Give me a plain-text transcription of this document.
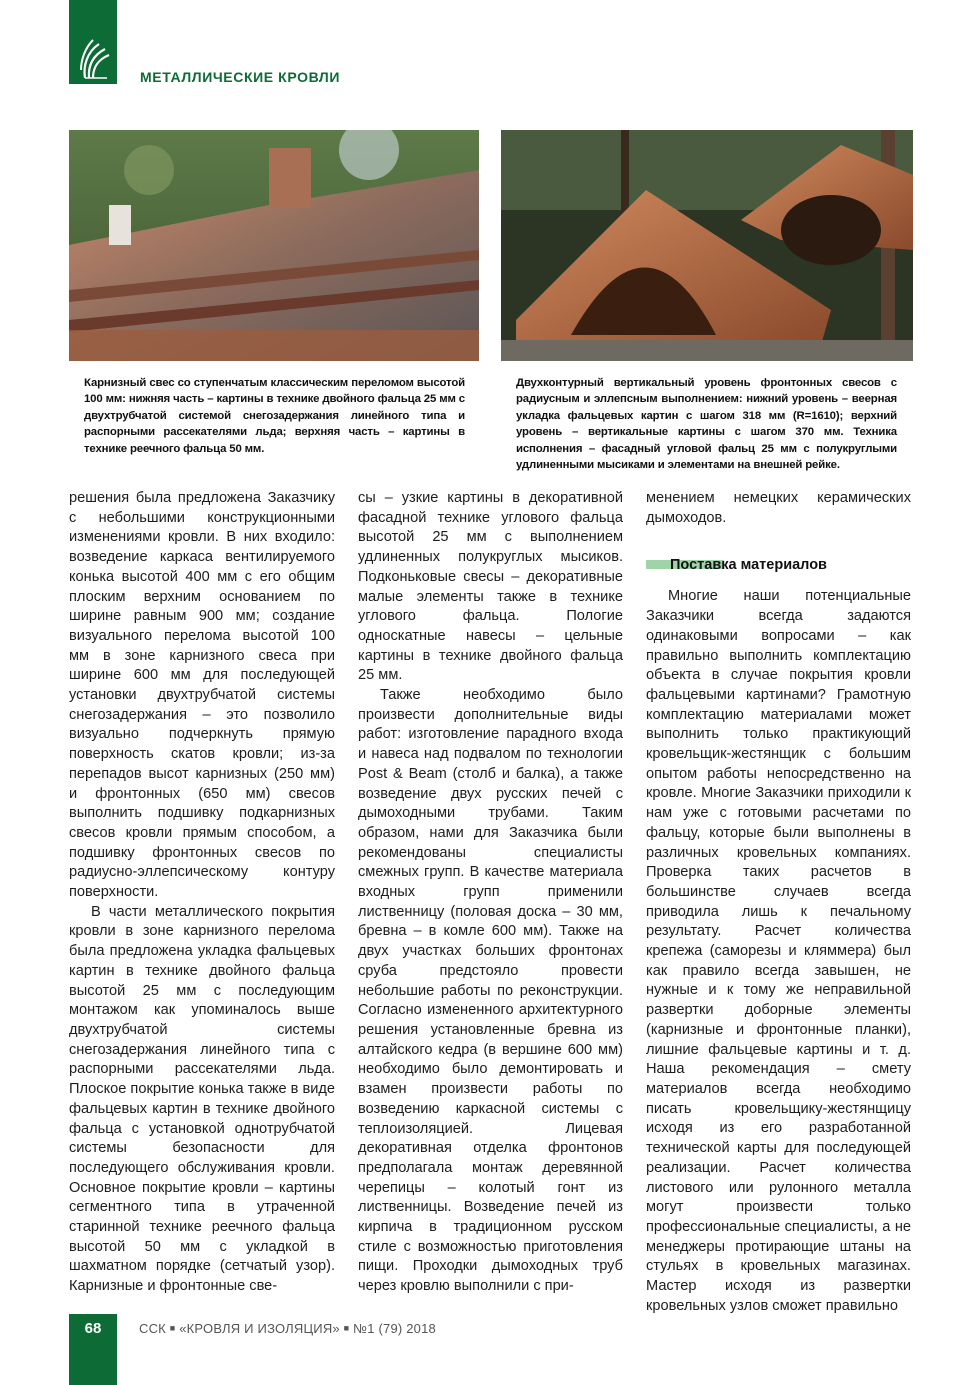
МЕТАЛЛИЧЕСКИЕ КРОВЛИ
Карнизный свес со ступенчатым классическим переломом высотой 100 мм: нижняя часть – картины в технике двойного фальца 25 мм с двухтрубчатой системой снегозадержания линейного типа и распорными рассекателями льда; верхняя часть – картины в технике реечного фальца 50 мм.
Двухконтурный вертикальный уровень фронтонных свесов с радиусным и эллепсным выполнением: нижний уровень – веерная укладка фальцевых картин с шагом 318 мм (R=1610); верхний уровень – вертикальные картины с шагом 370 мм. Техника исполнения – фасадный угловой фальц 25 мм с полукруглыми удлиненными мысиками и элементами на внешней рейке.

решения была предложена Заказчику с небольшими конструкционными изменениями кровли. В них входило: возведение каркаса вентилируемого конька высотой 400 мм с его общим плоским верхним основанием по ширине равным 900 мм; создание визуального перелома высотой 100 мм в зоне карнизного свеса при ширине 600 мм для последующей установки двухтрубчатой системы снегозадержания – это позволило визуально подчеркнуть прямую поверхность скатов кровли; из-за перепадов высот карнизных (250 мм) и фронтонных (650 мм) свесов выполнить подшивку подкарнизных свесов кровли прямым способом, а подшивку фронтонных свесов по радиусно-эллепсическому контуру поверхности.

В части металлического покрытия кровли в зоне карнизного перелома была предложена укладка фальцевых картин в технике двойного фальца высотой 25 мм с последующим монтажом как упоминалось выше двухтрубчатой системы снегозадержания линейного типа с распорными рассекателями льда. Плоское покрытие конька также в виде фальцевых картин в технике двойного фальца с установкой однотрубчатой системы безопасности для последующего обслуживания кровли. Основное покрытие кровли – картины сегментного типа в утраченной старинной технике реечного фальца высотой 50 мм с укладкой в шахматном порядке (сетчатый узор). Карнизные и фронтонные све-

сы – узкие картины в декоративной фасадной технике углового фальца высотой 25 мм с выполнением удлиненных полукруглых мысиков. Подконьковые свесы – декоративные малые элементы также в технике углового фальца. Пологие односкатные навесы – цельные картины в технике двойного фальца 25 мм.

Также необходимо было произвести дополнительные виды работ: изготовление парадного входа и навеса над подвалом по технологии Post & Beam (столб и балка), а также возведение двух русских печей с дымоходными трубами. Таким образом, нами для Заказчика были рекомендованы специалисты смежных групп. В качестве материала входных групп применили лиственницу (половая доска – 30 мм, бревна – в комле 600 мм). Также на двух участках больших фронтонах сруба предстояло провести небольшие работы по реконструкции. Согласно измененного архитектурного решения установленные бревна из алтайского кедра (в вершине 600 мм) необходимо было демонтировать и взамен произвести работы по возведению каркасной системы с теплоизоляцией. Лицевая декоративная отделка фронтонов предполагала монтаж деревянной черепицы – колотый гонт из лиственницы. Возведение печей из кирпича в традиционном русском стиле с возможностью приготовления пищи. Проходки дымоходных труб через кровлю выполнили с при-

менением немецких керамических дымоходов.

Поставка материалов

Многие наши потенциальные Заказчики всегда задаются одинаковыми вопросами – как правильно выполнить комплектацию объекта в случае покрытия кровли фальцевыми картинами? Грамотную комплектацию материалами может выполнить только практикующий кровельщик-жестянщик с большим опытом работы непосредственно на кровле. Многие Заказчики приходили к нам уже с готовыми расчетами по фальцу, которые были выполнены в различных кровельных компаниях. Проверка таких расчетов в большинстве случаев всегда приводила лишь к печальному результату. Расчет количества крепежа (саморезы и кляммера) был как правило всегда завышен, не нужные и к тому же неправильной развертки доборные элементы (карнизные и фронтонные планки), лишние фальцевые картины и т. д. Наша рекомендация – смету материалов всегда необходимо писать кровельщику-жестянщицу исходя из его разработанной технической карты для последующей реализации. Расчет количества листового или рулонного металла могут произвести только профессиональные специалисты, а не менеджеры протирающие штаны на стульях в кровельных магазинах. Мастер исходя из развертки кровельных узлов сможет правильно

68	ССК ■ «КРОВЛЯ И ИЗОЛЯЦИЯ» ■ №1 (79) 2018
